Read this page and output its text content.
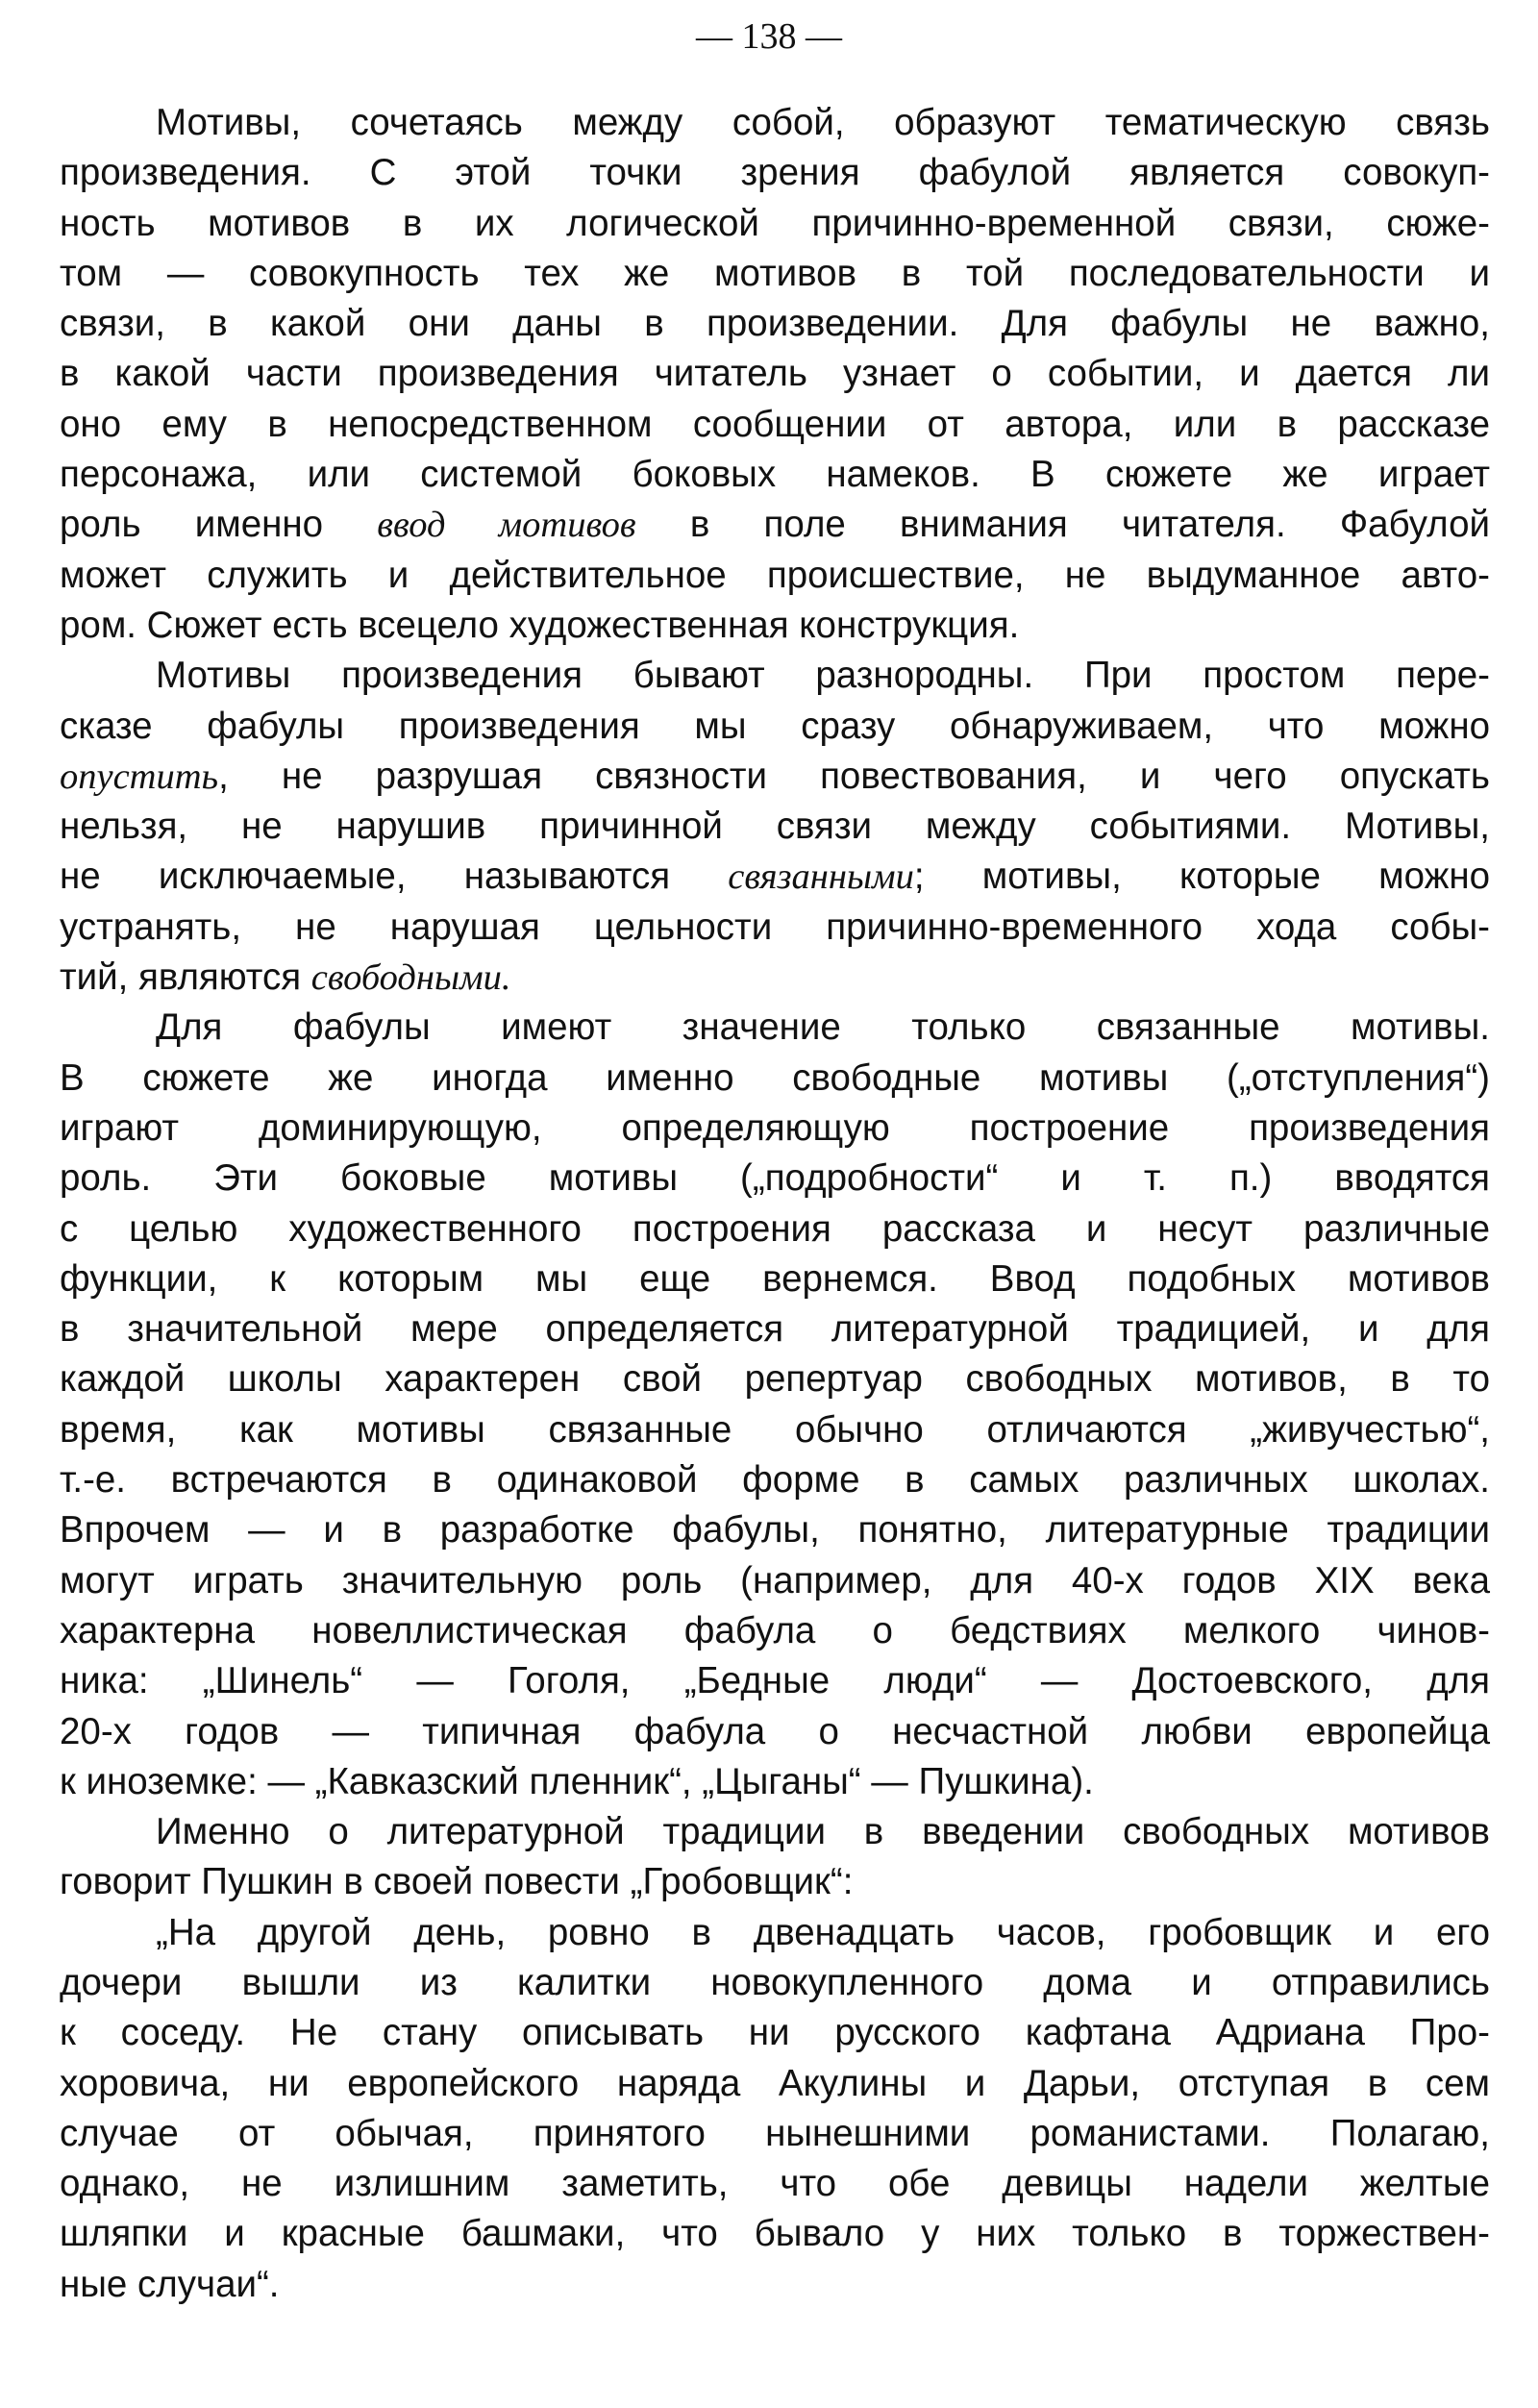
— 138 —
Мотивы, сочетаясь между собой, образуют тематическую связь
произведения. С этой точки зрения фабулой является совокуп-
ность мотивов в их логической причинно-временной связи, сюже-
том — совокупность тех же мотивов в той последовательности и
связи, в какой они даны в произведении. Для фабулы не важно,
в какой части произведения читатель узнает о событии, и дается ли
оно ему в непосредственном сообщении от автора, или в рассказе
персонажа, или системой боковых намеков. В сюжете же играет
роль именно ввод мотивов в поле внимания читателя. Фабулой
может служить и действительное происшествие, не выдуманное авто-
ром. Сюжет есть всецело художественная конструкция.
Мотивы произведения бывают разнородны. При простом пере-
сказе фабулы произведения мы сразу обнаруживаем, что можно
опустить, не разрушая связности повествования, и чего опускать
нельзя, не нарушив причинной связи между событиями. Мотивы,
не исключаемые, называются связанными; мотивы, которые можно
устранять, не нарушая цельности причинно-временного хода собы-
тий, являются свободными.
Для фабулы имеют значение только связанные мотивы.
В сюжете же иногда именно свободные мотивы („отступления“)
играют доминирующую, определяющую построение произведения
роль. Эти боковые мотивы („подробности“ и т. п.) вводятся
с целью художественного построения рассказа и несут различные
функции, к которым мы еще вернемся. Ввод подобных мотивов
в значительной мере определяется литературной традицией, и для
каждой школы характерен свой репертуар свободных мотивов, в то
время, как мотивы связанные обычно отличаются „живучестью“,
т.-е. встречаются в одинаковой форме в самых различных школах.
Впрочем — и в разработке фабулы, понятно, литературные традиции
могут играть значительную роль (например, для 40-х годов XIX века
характерна новеллистическая фабула о бедствиях мелкого чинов-
ника: „Шинель“ — Гоголя, „Бедные люди“ — Достоевского, для
20-х годов — типичная фабула о несчастной любви европейца
к иноземке: — „Кавказский пленник“, „Цыганы“ — Пушкина).
Именно о литературной традиции в введении свободных мотивов
говорит Пушкин в своей повести „Гробовщик“:
„На другой день, ровно в двенадцать часов, гробовщик и его
дочери вышли из калитки новокупленного дома и отправились
к соседу. Не стану описывать ни русского кафтана Адриана Про-
хоровича, ни европейского наряда Акулины и Дарьи, отступая в сем
случае от обычая, принятого нынешними романистами. Полагаю,
однако, не излишним заметить, что обе девицы надели желтые
шляпки и красные башмаки, что бывало у них только в торжествен-
ные случаи“.
